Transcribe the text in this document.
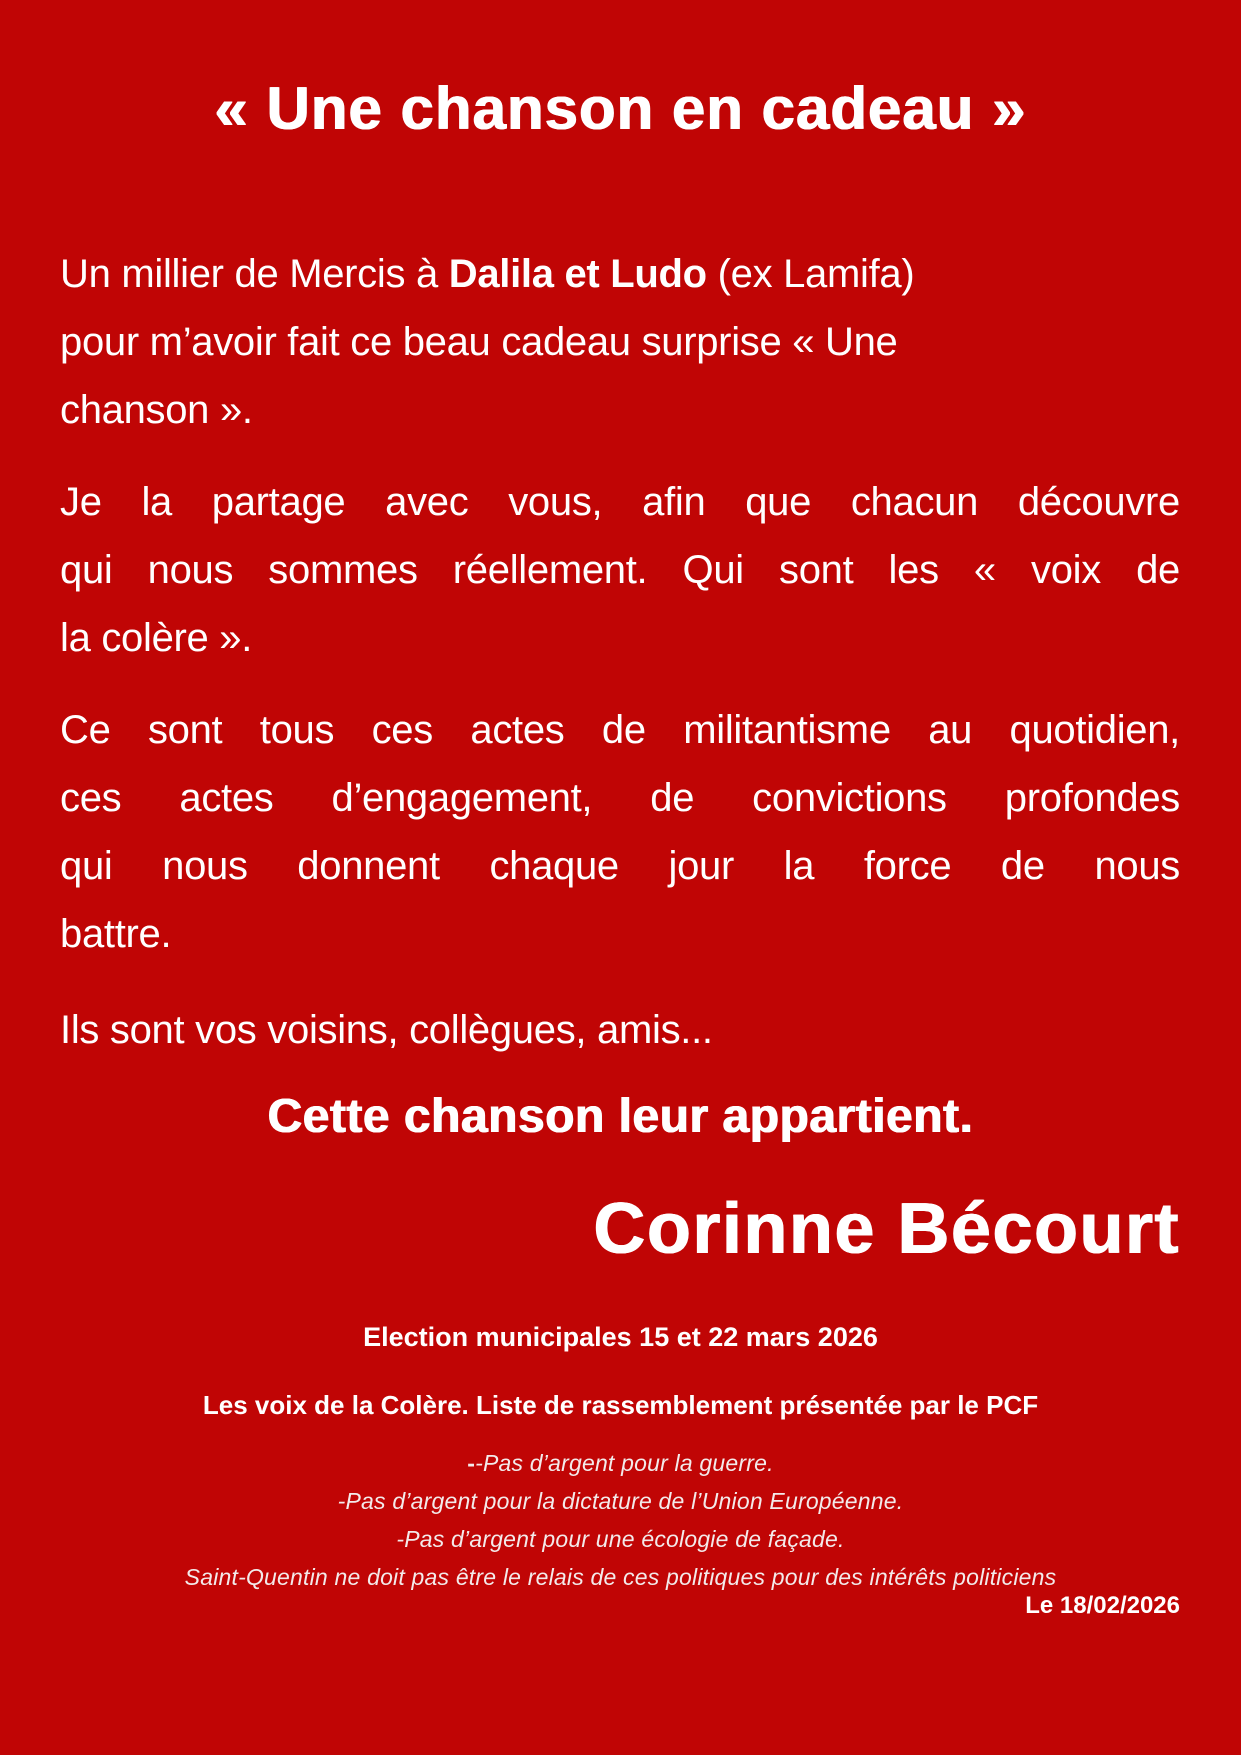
« Une chanson en cadeau »

Un millier de Mercis à Dalila et Ludo (ex Lamifa)
pour m’avoir fait ce beau cadeau surprise « Une
chanson ».

Je la partage avec vous, afin que chacun découvre
qui nous sommes réellement. Qui sont les « voix de
la colère ».

Ce sont tous ces actes de militantisme au quotidien,
ces actes d’engagement, de convictions profondes
qui nous donnent chaque jour la force de nous
battre.

Ils sont vos voisins, collègues, amis...

Cette chanson leur appartient.

Corinne Bécourt

Election municipales 15 et 22 mars 2026

Les voix de la Colère. Liste de rassemblement présentée par le PCF

--Pas d’argent pour la guerre.
-Pas d’argent pour la dictature de l’Union Européenne.
-Pas d’argent pour une écologie de façade.
Saint-Quentin ne doit pas être le relais de ces politiques pour des intérêts politiciens

Le 18/02/2026
